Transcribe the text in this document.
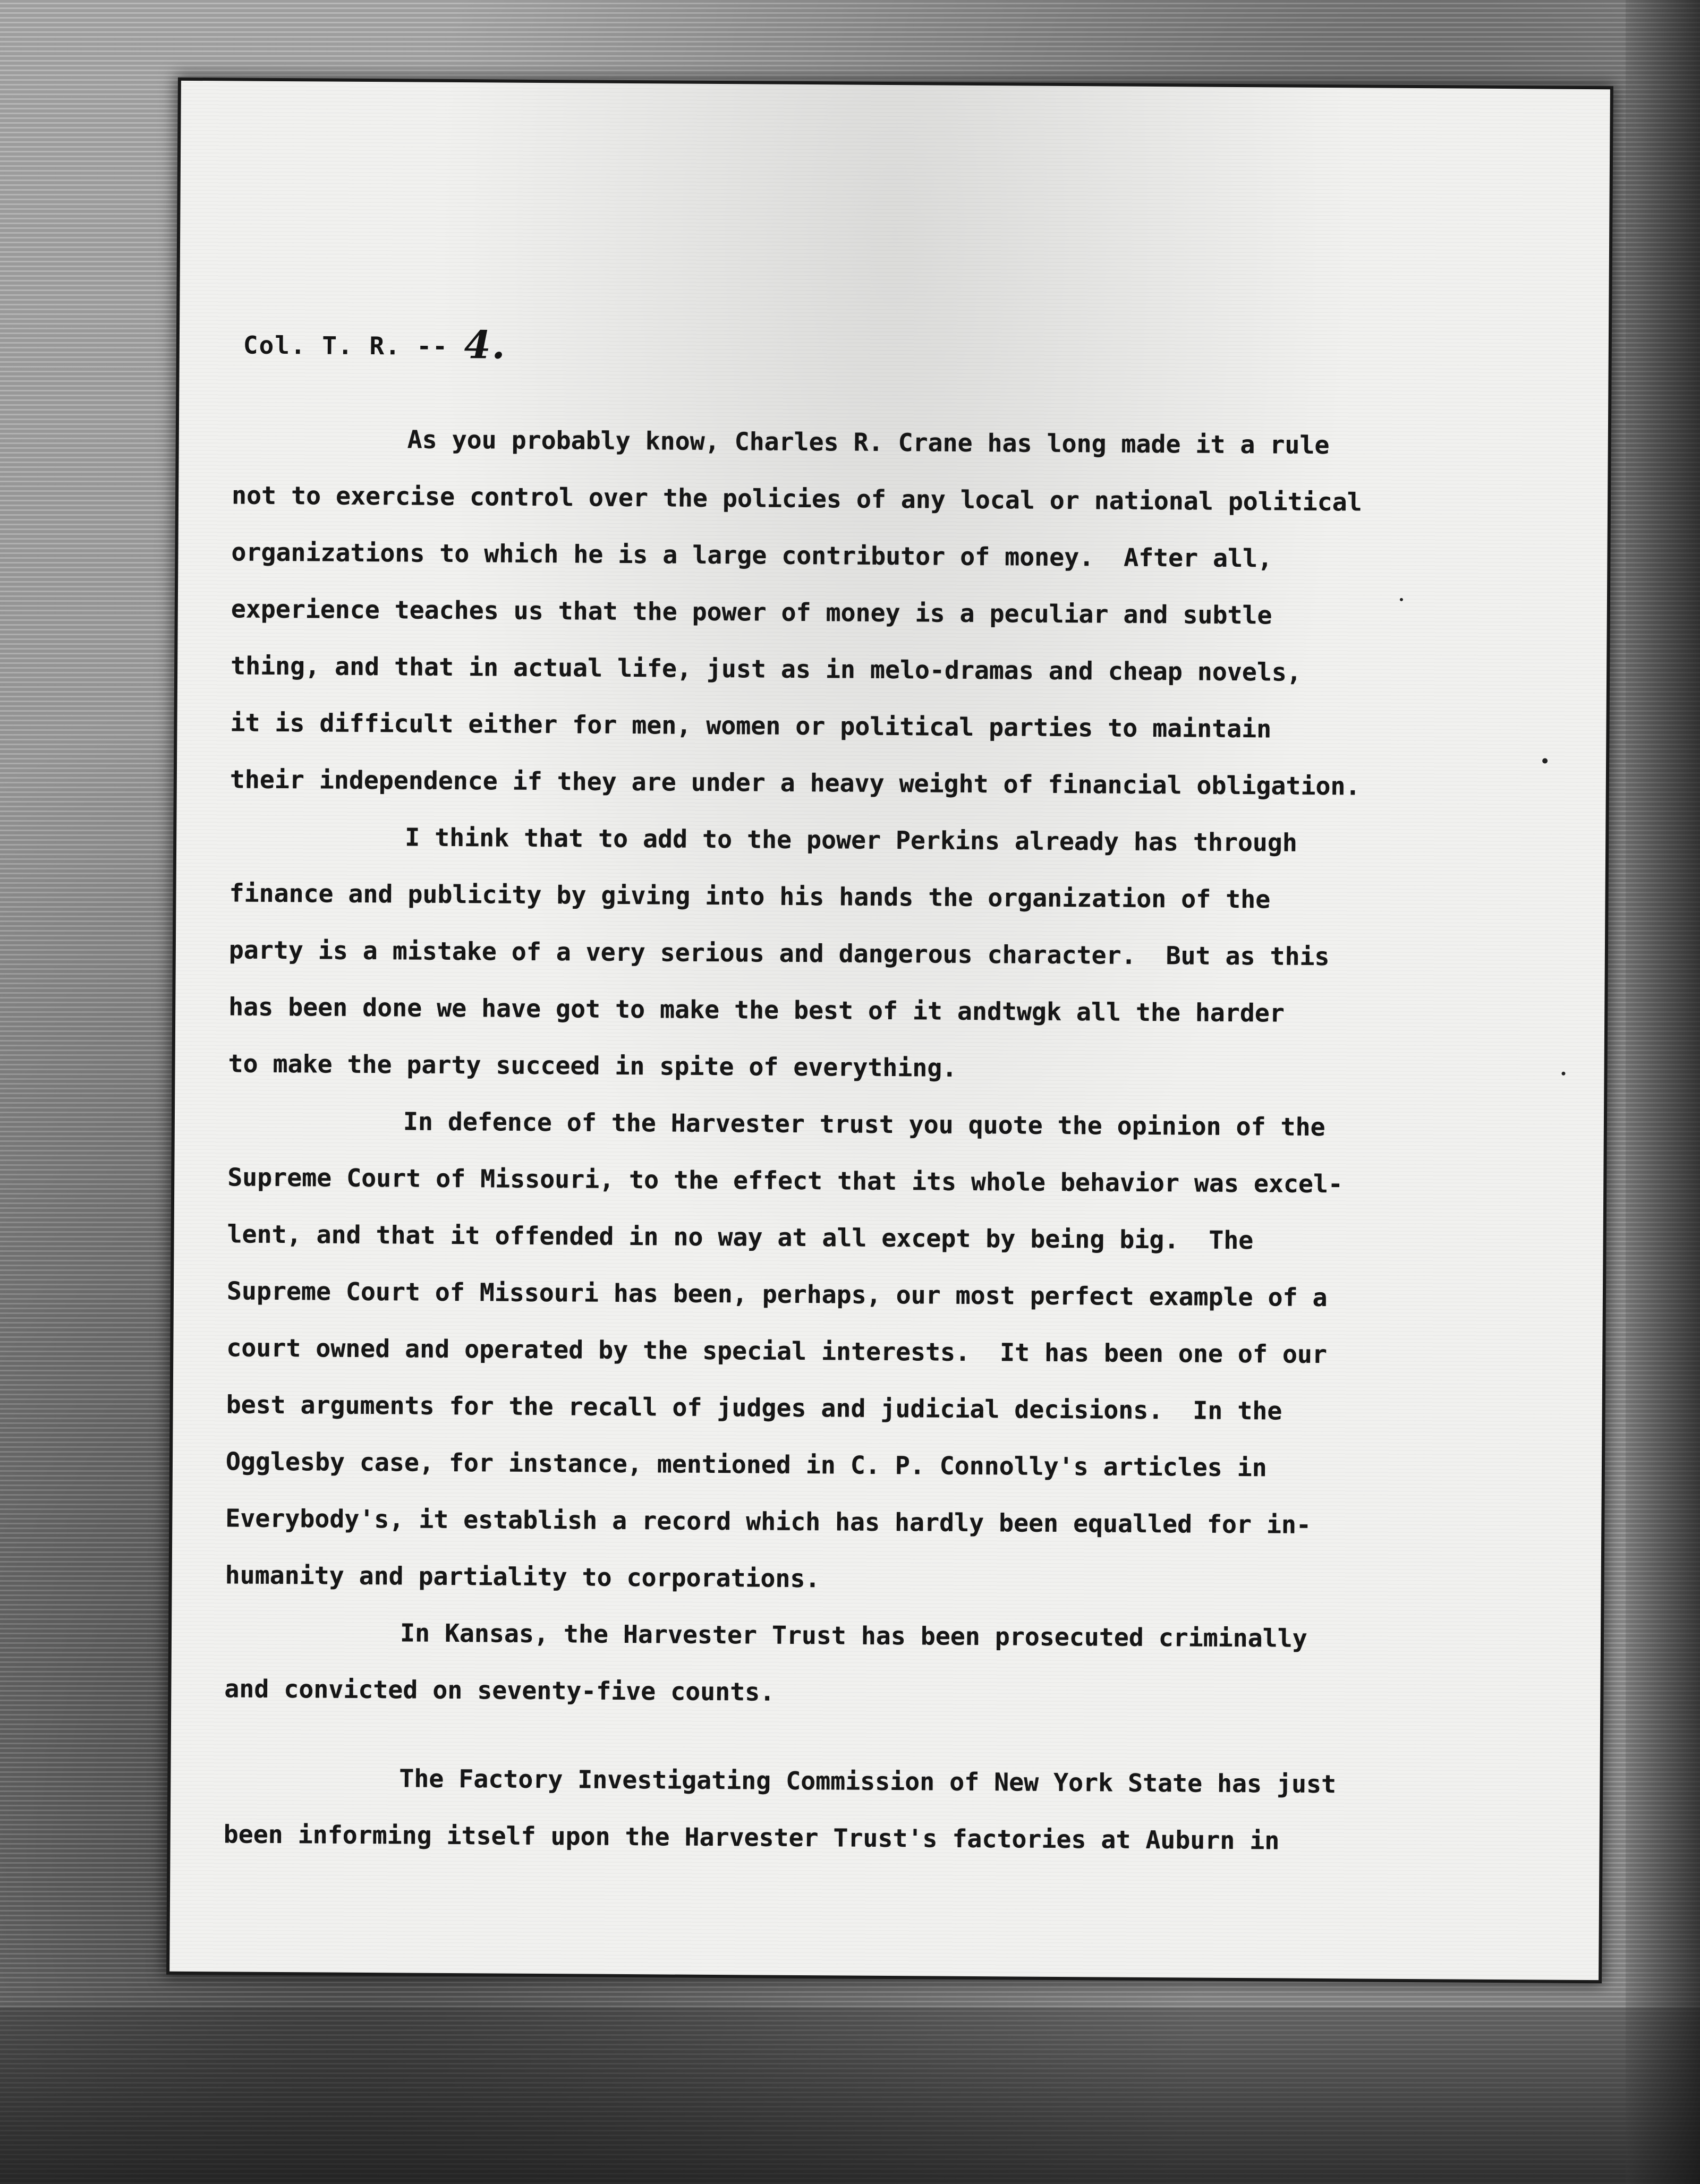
Col. T. R. -- 4.
As you probably know, Charles R. Crane has long made it a rule
not to exercise control over the policies of any local or national political
organizations to which he is a large contributor of money.  After all,
experience teaches us that the power of money is a peculiar and subtle
thing, and that in actual life, just as in melo-dramas and cheap novels,
it is difficult either for men, women or political parties to maintain
their independence if they are under a heavy weight of financial obligation.
I think that to add to the power Perkins already has through
finance and publicity by giving into his hands the organization of the
party is a mistake of a very serious and dangerous character.  But as this
has been done we have got to make the best of it andtwgk all the harder
to make the party succeed in spite of everything.
In defence of the Harvester trust you quote the opinion of the
Supreme Court of Missouri, to the effect that its whole behavior was excel-
lent, and that it offended in no way at all except by being big.  The
Supreme Court of Missouri has been, perhaps, our most perfect example of a
court owned and operated by the special interests.  It has been one of our
best arguments for the recall of judges and judicial decisions.  In the
Ogglesby case, for instance, mentioned in C. P. Connolly's articles in
Everybody's, it establish a record which has hardly been equalled for in-
humanity and partiality to corporations.
In Kansas, the Harvester Trust has been prosecuted criminally
and convicted on seventy-five counts.
The Factory Investigating Commission of New York State has just
been informing itself upon the Harvester Trust's factories at Auburn in
